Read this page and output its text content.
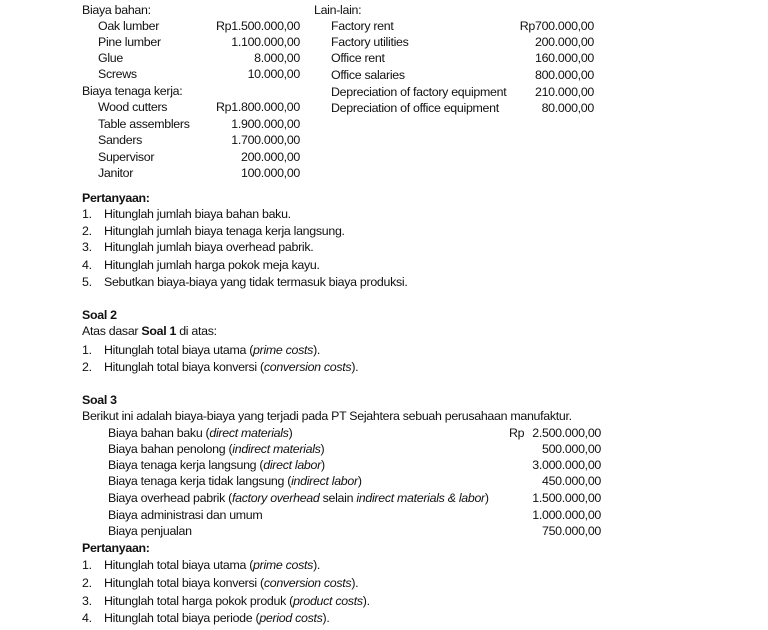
Biaya bahan:
Oak lumber	Rp1.500.000,00
Pine lumber	1.100.000,00
Glue	8.000,00
Screws	10.000,00
Biaya tenaga kerja:
Wood cutters	Rp1.800.000,00
Table assemblers	1.900.000,00
Sanders	1.700.000,00
Supervisor	200.000,00
Janitor	100.000,00
Lain-lain:
Factory rent	Rp700.000,00
Factory utilities	200.000,00
Office rent	160.000,00
Office salaries	800.000,00
Depreciation of factory equipment	210.000,00
Depreciation of office equipment	80.000,00
Pertanyaan:
1. Hitunglah jumlah biaya bahan baku.
2. Hitunglah jumlah biaya tenaga kerja langsung.
3. Hitunglah jumlah biaya overhead pabrik.
4. Hitunglah jumlah harga pokok meja kayu.
5. Sebutkan biaya-biaya yang tidak termasuk biaya produksi.
Soal 2
Atas dasar Soal 1 di atas:
1. Hitunglah total biaya utama (prime costs).
2. Hitunglah total biaya konversi (conversion costs).
Soal 3
Berikut ini adalah biaya-biaya yang terjadi pada PT Sejahtera sebuah perusahaan manufaktur.
Biaya bahan baku (direct materials)	Rp 2.500.000,00
Biaya bahan penolong (indirect materials)	500.000,00
Biaya tenaga kerja langsung (direct labor)	3.000.000,00
Biaya tenaga kerja tidak langsung (indirect labor)	450.000,00
Biaya overhead pabrik (factory overhead selain indirect materials & labor)	1.500.000,00
Biaya administrasi dan umum	1.000.000,00
Biaya penjualan	750.000,00
Pertanyaan:
1. Hitunglah total biaya utama (prime costs).
2. Hitunglah total biaya konversi (conversion costs).
3. Hitunglah total harga pokok produk (product costs).
4. Hitunglah total biaya periode (period costs).
